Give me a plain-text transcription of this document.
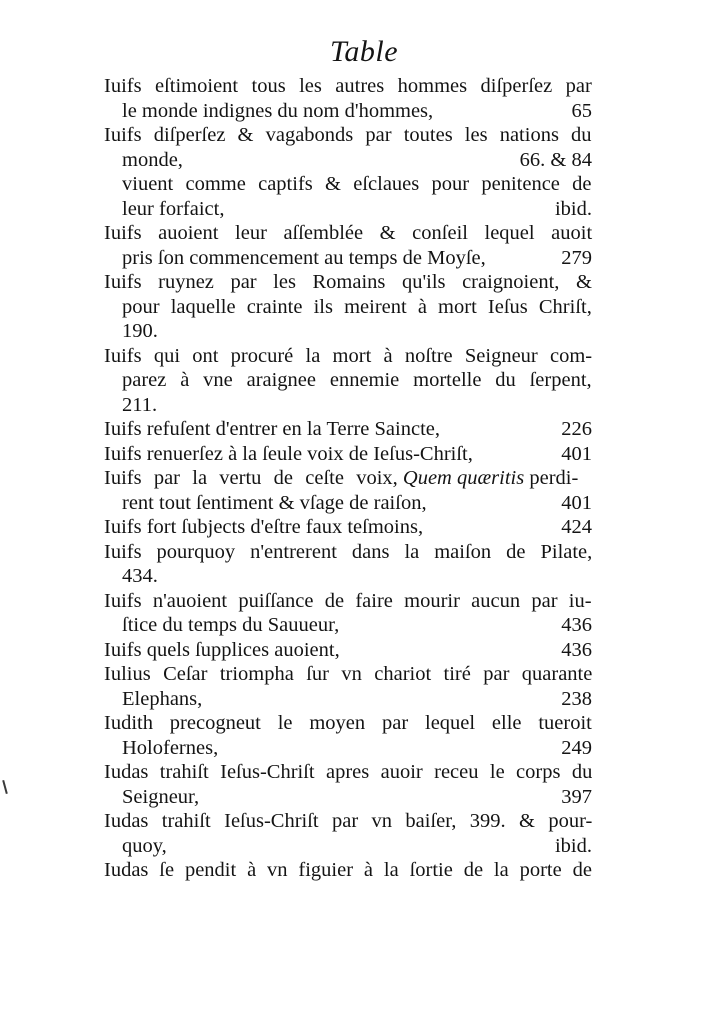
Table
Iuifs eſtimoient tous les autres hommes diſperſez par
le monde indignes du nom d'hommes,	65
Iuifs diſperſez & vagabonds par toutes les nations du
monde,	66. & 84
viuent comme captifs & eſclaues pour penitence de
leur forfaict,	ibid.
Iuifs auoient leur aſſemblée & conſeil lequel auoit
pris ſon commencement au temps de Moyſe,	279
Iuifs ruynez par les Romains qu'ils craignoient, &
pour laquelle crainte ils meirent à mort Ieſus Chriſt,
190.
Iuifs qui ont procuré la mort à noſtre Seigneur com-
parez à vne araignee ennemie mortelle du ſerpent,
211.
Iuifs refuſent d'entrer en la Terre Saincte,	226
Iuifs renuerſez à la ſeule voix de Ieſus-Chriſt,	401
Iuifs par la vertu de ceſte voix, Quem quæritis perdi-
rent tout ſentiment & vſage de raiſon,	401
Iuifs fort ſubjects d'eſtre faux teſmoins,	424
Iuifs pourquoy n'entrerent dans la maiſon de Pilate,
434.
Iuifs n'auoient puiſſance de faire mourir aucun par iu-
ſtice du temps du Sauueur,	436
Iuifs quels ſupplices auoient,	436
Iulius Ceſar triompha ſur vn chariot tiré par quarante
Elephans,	238
Iudith precogneut le moyen par lequel elle tueroit
Holofernes,	249
Iudas trahiſt Ieſus-Chriſt apres auoir receu le corps du
Seigneur,	397
Iudas trahiſt Ieſus-Chriſt par vn baiſer, 399. & pour-
quoy,	ibid.
Iudas ſe pendit à vn figuier à la ſortie de la porte de
